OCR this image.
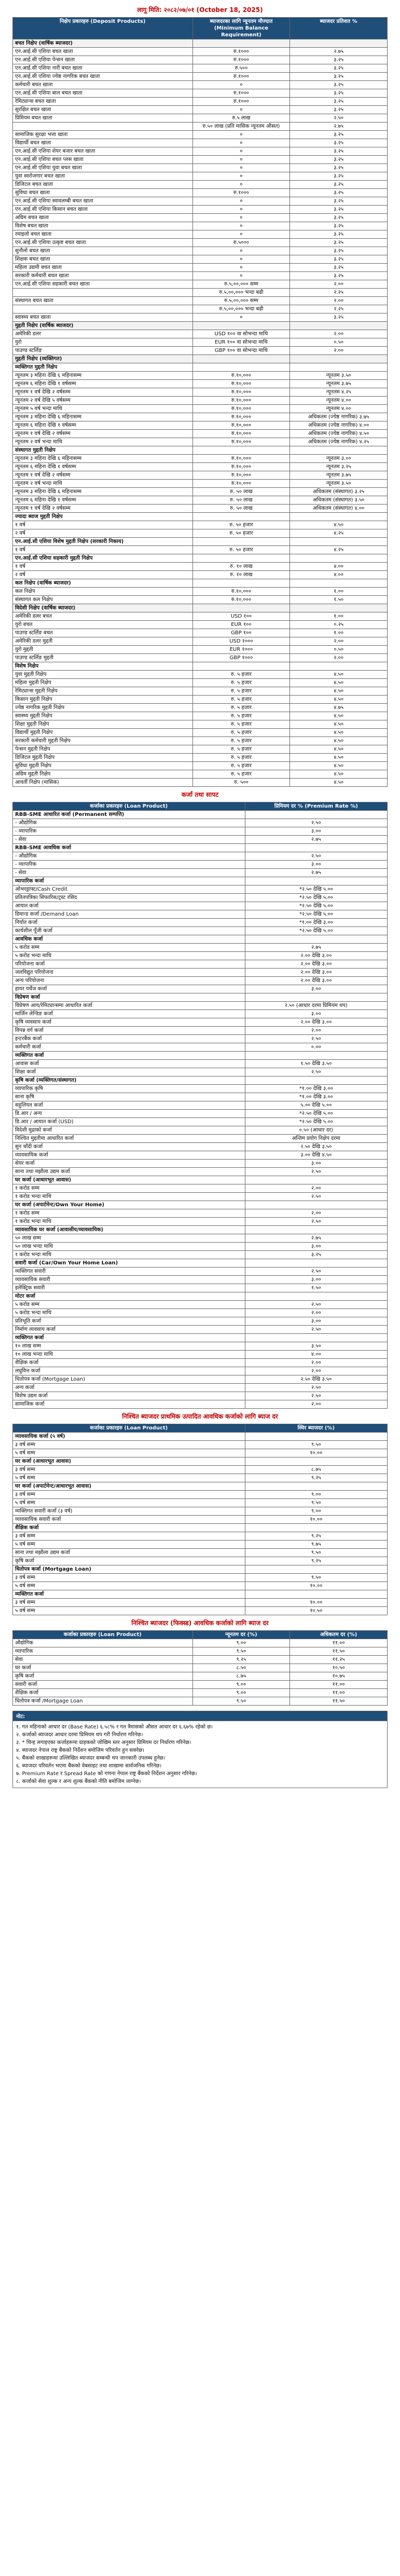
लागू मिति: २०८२/०७/०१ (October 18, 2025)
निक्षेप प्रकारहरु (Deposit Products)	ब्याजदरका लागि न्यूनतम मौज्दात (Minimum Balance Requirement)	ब्याजदर प्रतिशत %
बचत निक्षेप (वार्षिक ब्याजदर)		
एन.आई.सी एशिया बचत खाता	रु.१०००	२.७५
एन.आई.सी एशिया पेन्सन खाता	रु.१०००	३.२५
एन.आई.सी एशिया नारी बचत खाता	रु.५००	३.२५
एन.आई.सी एशिया ज्येष्ठ नागरिक बचत खाता	रु.१०००	३.२५
कर्मचारी बचत खाता	०	३.२५
एन.आई.सी एशिया बाल बचत खाता	रु.१०००	३.२५
रेमिट्यान्स बचत खाता	रु.१०००	३.२५
सुरक्षित बचत खाता	०	३.२५
प्रिमियम बचत खाता	रु.५ लाख	२.५०
	रु.५० लाख (प्रति मासिक न्यूनतम औसत)	२.७५
सामाजिक सुरक्षा भत्ता खाता	०	३.२५
विद्यार्थी बचत खाता	०	३.२५
एन.आई.सी एशिया शेयर बजार बचत खाता	०	३.२५
एन.आई.सी एशिया बचत प्लस खाता	०	३.२५
एन.आई.सी एशिया युवा बचत खाता	०	३.२५
युवा स्वरोजगार बचत खाता	०	३.२५
डिजिटल बचत खाता	०	३.२५
सुविधा बचत खाता	रु.१०००	३.२५
एन.आई.सी एशिया स्वावलम्बी बचत खाता	०	३.२५
एन.आई.सी एशिया किसान बचत खाता	०	३.२५
अग्रिम बचत खाता	०	३.२५
विशेष बचत खाता	०	३.२५
रमाइलो बचत खाता	०	३.२५
एन.आई.सी एशिया उत्कृष्ट बचत खाता	रु.५०००	३.२५
सुनौलो बचत खाता	०	३.२५
शिक्षक बचत खाता	०	३.२५
महिला उद्यमी बचत खाता	०	३.२५
सरकारी कर्मचारी बचत खाता	०	३.२५
एन.आई.सी एशिया सहकारी बचत खाता	रु.५,००,००० सम्म	२.००
	रु.५,००,००० भन्दा बढी	२.२५
संस्थागत बचत खाता	रु.५,००,००० सम्म	२.००
	रु.५,००,००० भन्दा बढी	२.२५
स्वास्थ्य बचत खाता	०	३.२५
मुद्दती निक्षेप (वार्षिक ब्याजदर)		
अमेरिकी डलर	USD १०० वा सोभन्दा माथि	२.००
युरो	EUR १०० वा सोभन्दा माथि	०.५०
पाउण्ड स्टर्लिङ	GBP १०० वा सोभन्दा माथि	२.००
मुद्दती निक्षेप (व्यक्तिगत)		
व्यक्तिगत मुद्दती निक्षेप		
न्यूनतम ३ महिना देखि ६ महिनासम्म	रु.१०,०००	न्यूनतम ३.५०
न्यूनतम ६ महिना देखि १ वर्षसम्म	रु.१०,०००	न्यूनतम ३.७५
न्यूनतम १ वर्ष देखि २ वर्षसम्म	रु.१०,०००	न्यूनतम ४.२५
न्यूनतम २ वर्ष देखि ५ वर्षसम्म	रु.१०,०००	न्यूनतम ४.००
न्यूनतम ५ वर्ष भन्दा माथि	रु.१०,०००	न्यूनतम ४.००
न्यूनतम ३ महिना देखि ६ महिनासम्म	रु.१०,०००	अधिकतम (ज्येष्ठ नागरिक) ३.७५
न्यूनतम ६ महिना देखि १ वर्षसम्म	रु.१०,०००	अधिकतम (ज्येष्ठ नागरिक) ४.००
न्यूनतम १ वर्ष देखि २ वर्षसम्म	रु.१०,०००	अधिकतम (ज्येष्ठ नागरिक) ४.५०
न्यूनतम २ वर्ष भन्दा माथि	रु.१०,०००	अधिकतम (ज्येष्ठ नागरिक) ४.२५
संस्थागत मुद्दती निक्षेप		
न्यूनतम ३ महिना देखि ६ महिनासम्म	रु.१०,०००	न्यूनतम ३.००
न्यूनतम ६ महिना देखि १ वर्षसम्म	रु.१०,०००	न्यूनतम ३.२५
न्यूनतम १ वर्ष देखि २ वर्षसम्म	रु.१०,०००	न्यूनतम ३.७५
न्यूनतम २ वर्ष भन्दा माथि	रु.१०,०००	न्यूनतम ३.५०
न्यूनतम ३ महिना देखि ६ महिनासम्म	रु. ५० लाख	अधिकतम (संस्थागत) ३.२५
न्यूनतम ६ महिना देखि १ वर्षसम्म	रु. ५० लाख	अधिकतम (संस्थागत) ३.५०
न्यूनतम १ वर्ष देखि २ वर्षसम्म	रु. ५० लाख	अधिकतम (संस्थागत) ४.००
ज्यादा ब्याज मुद्दती निक्षेप		
१ वर्ष	रु. ५० हजार	४.५०
२ वर्ष	रु. ५० हजार	४.२५
एन.आई.सी एशिया विशेष मुद्दती निक्षेप (सरकारी निकाय)		
१ वर्ष	रु. ५० हजार	४.२५
एन.आई.सी एशिया सहकारी मुद्दती निक्षेप		
१ वर्ष	रु. १० लाख	४.००
२ वर्ष	रु. १० लाख	४.००
कल निक्षेप (वार्षिक ब्याजदर)		
कल निक्षेप	रु.१०,०००	१.००
संस्थागत कल निक्षेप	रु.१०,०००	१.५०
विदेशी निक्षेप (वार्षिक ब्याजदर)		
अमेरिकी डलर बचत	USD १००	१.००
युरो बचत	EUR १००	०.२५
पाउण्ड स्टर्लिङ बचत	GBP १००	१.००
अमेरिकी डलर मुद्दती	USD १०००	२.००
युरो मुद्दती	EUR १०००	०.५०
पाउण्ड स्टर्लिङ मुद्दती	GBP १०००	२.००
विशेष निक्षेप		
युवा मुद्दती निक्षेप	रु. ५ हजार	४.५०
महिला मुद्दती निक्षेप	रु. ५ हजार	४.५०
रेमिट्यान्स मुद्दती निक्षेप	रु. ५ हजार	४.५०
किसान मुद्दती निक्षेप	रु. ५ हजार	४.५०
ज्येष्ठ नागरिक मुद्दती निक्षेप	रु. ५ हजार	४.७५
स्वास्थ्य मुद्दती निक्षेप	रु. ५ हजार	४.५०
शिक्षा मुद्दती निक्षेप	रु. ५ हजार	४.५०
विद्यार्थी मुद्दती निक्षेप	रु. ५ हजार	४.५०
सरकारी कर्मचारी मुद्दती निक्षेप	रु. ५ हजार	४.५०
पेन्सन मुद्दती निक्षेप	रु. ५ हजार	४.५०
डिजिटल मुद्दती निक्षेप	रु. ५ हजार	४.५०
सुविधा मुद्दती निक्षेप	रु. ५ हजार	४.५०
अग्रिम मुद्दती निक्षेप	रु. ५ हजार	४.५०
आवर्ती निक्षेप (मासिक)	रु. ५००	४.५०
कर्जा तथा सापट
कर्जाका प्रकारहरु (Loan Product)	प्रिमियम दर % (Premium Rate %)
RBB-SME आधारित कर्जा (Permanent सम्पत्ति)	
- औद्योगिक	२.५०
- व्यापारिक	३.००
- सेवा	२.७५
RBB-SME आवधिक कर्जा	
- औद्योगिक	२.५०
- व्यापारिक	३.००
- सेवा	२.७५
व्यापारिक कर्जा	
ओभरड्राफ्ट/Cash Credit	*२.५० देखि ५.००
प्रतितपत्रिका सिफारिस/ट्रस्ट रसिद	*२.५० देखि ५.००
आयात कर्जा	*२.५० देखि ५.००
डिमान्ड कर्जा /Demand Loan	*२.५० देखि ५.००
निर्यात कर्जा	*१.०० देखि ३.००
कार्यशील पूँजी कर्जा	*२.५० देखि ५.००
आवधिक कर्जा	
५ करोड सम्म	२.७५
५ करोड भन्दा माथि	२.०० देखि ३.००
परियोजना कर्जा	२.०० देखि ३.००
जलविद्युत परियोजना	२.०० देखि ३.००
अन्य परियोजना	२.०० देखि ३.००
हायर पर्चेज कर्जा	३.००
विप्रेषण कर्जा	
विप्रेषण आय/रेमिट्यान्समा आधारित कर्जा	२.५० (आधार दरमा प्रिमियम थप)
मार्जिन लेन्डिङ कर्जा	३.००
कृषि व्यवसाय कर्जा	२.०० देखि ३.००
विपन्न वर्ग कर्जा	२.००
इन्टरबैंक कर्जा	२.५०
कर्मचारी कर्जा	०.००
व्यक्तिगत कर्जा	
आवास कर्जा	१.५० देखि ३.५०
शिक्षा कर्जा	२.५०
कृषि कर्जा (व्यक्तिगत/संस्थागत)	
व्यापारिक कृषि	*१.०० देखि ३.००
साना कृषि	*१.०० देखि ३.००
सहुलियत कर्जा	५.०० देखि ५.००
डि.आर / अन्य	*२.५० देखि ५.००
डि.आर / आयात कर्जा (USD)	*२.५० देखि ५.००
विदेशी मुद्राको कर्जा	०.५० (आधार दर)
निश्चित मुद्दतीमा आधारित कर्जा	अन्तिम प्रयोग निक्षेप दरमा
सुन चाँदी कर्जा	२.५० देखि ३.५०
व्यावसायिक कर्जा	३.०० देखि ४.५०
सेयर कर्जा	३.००
साना तथा मझौला उद्यम कर्जा	२.५०
घर कर्जा (आधारभूत आवास)	
१ करोड सम्म	२.००
१ करोड भन्दा माथि	२.५०
घर कर्जा (अपार्टमेन्ट/Own Your Home)	
१ करोड सम्म	२.००
१ करोड भन्दा माथि	२.५०
व्यावसायिक घर कर्जा (आवासीय/व्यावसायिक)	
५० लाख सम्म	२.७५
५० लाख भन्दा माथि	३.००
१ करोड भन्दा माथि	३.२५
सवारी कर्जा (Car/Own Your Home Loan)	
व्यक्तिगत सवारी	२.५०
व्यावसायिक सवारी	३.००
इलेक्ट्रिक सवारी	१.५०
मोटर कर्जा	
५ करोड सम्म	२.५०
५ करोड भन्दा माथि	२.००
प्रतिभूति कर्जा	३.००
निर्माण व्यवसाय कर्जा	२.५०
व्यक्तिगत कर्जा	
१० लाख सम्म	३.५०
१० लाख भन्दा माथि	४.००
शैक्षिक कर्जा	२.००
लघुवित्त कर्जा	२.००
धितोपत्र कर्जा (Mortgage Loan)	२.५० देखि ३.५०
अन्य कर्जा	२.५०
विशेष उद्यम कर्जा	२.५०
सामाजिक कर्जा	२.००
निश्चित ब्याजदर प्राथमिक उत्पादित आवधिक कर्जाको लागि ब्याज दर
कर्जाका प्रकारहरु (Loan Product)	स्थिर ब्याजदर (%)
व्यावसायिक कर्जा (५ वर्ष)	
३ वर्ष सम्म	९.५०
५ वर्ष सम्म	१०.००
घर कर्जा (आधारभूत आवास)	
३ वर्ष सम्म	८.७५
५ वर्ष सम्म	९.२५
घर कर्जा (अपार्टमेन्ट/आधारभूत आवास)	
३ वर्ष सम्म	९.००
५ वर्ष सम्म	९.५०
व्यक्तिगत सवारी कर्जा (३ वर्ष)	९.००
व्यावसायिक सवारी कर्जा	१०.००
शैक्षिक कर्जा	
३ वर्ष सम्म	९.२५
५ वर्ष सम्म	९.७५
साना तथा मझौला उद्यम कर्जा	९.५०
कृषि कर्जा	९.२५
धितोपत्र कर्जा (Mortgage Loan)	
३ वर्ष सम्म	९.५०
५ वर्ष सम्म	१०.००
व्यक्तिगत कर्जा	
३ वर्ष सम्म	१०.००
५ वर्ष सम्म	१०.५०
निश्चित ब्याजदर (फिक्स्ड) आवधिक कर्जाको लागि ब्याज दर
कर्जाका प्रकारहरु (Loan Product)	न्यूनतम दर (%)	अधिकतम दर (%)
औद्योगिक	९.००	११.००
व्यापारिक	९.५०	११.५०
सेवा	९.२५	११.२५
घर कर्जा	८.५०	१०.५०
कृषि कर्जा	८.७५	१०.७५
सवारी कर्जा	९.००	११.००
शैक्षिक कर्जा	९.००	११.००
धितोपत्र कर्जा /Mortgage Loan	९.५०	११.५०
नोट:
१. गत महिनाको आधार दर (Base Rate) ६.५८% र गत त्रैमासको औसत आधार दर ६.६७% रहेको छ।
२. कर्जाको ब्याजदर आधार दरमा प्रिमियम थप गरी निर्धारण गरिनेछ।
३. * चिन्ह लगाइएका कर्जाहरूमा ग्राहकको जोखिम स्तर अनुसार प्रिमियम दर निर्धारण गरिनेछ।
४. ब्याजदर नेपाल राष्ट्र बैंकको निर्देशन बमोजिम परिवर्तन हुन सक्नेछ।
५. बैंकको शाखाहरूमा उल्लिखित ब्याजदर सम्बन्धी थप जानकारी उपलब्ध हुनेछ।
६. ब्याजदर परिवर्तन भएमा बैंकको वेबसाइट तथा शाखामा सार्वजनिक गरिनेछ।
७. Premium Rate र Spread Rate को गणना नेपाल राष्ट्र बैंकको निर्देशन अनुसार गरिनेछ।
८. कर्जाको सेवा शुल्क र अन्य शुल्क बैंकको नीति बमोजिम लाग्नेछ।
